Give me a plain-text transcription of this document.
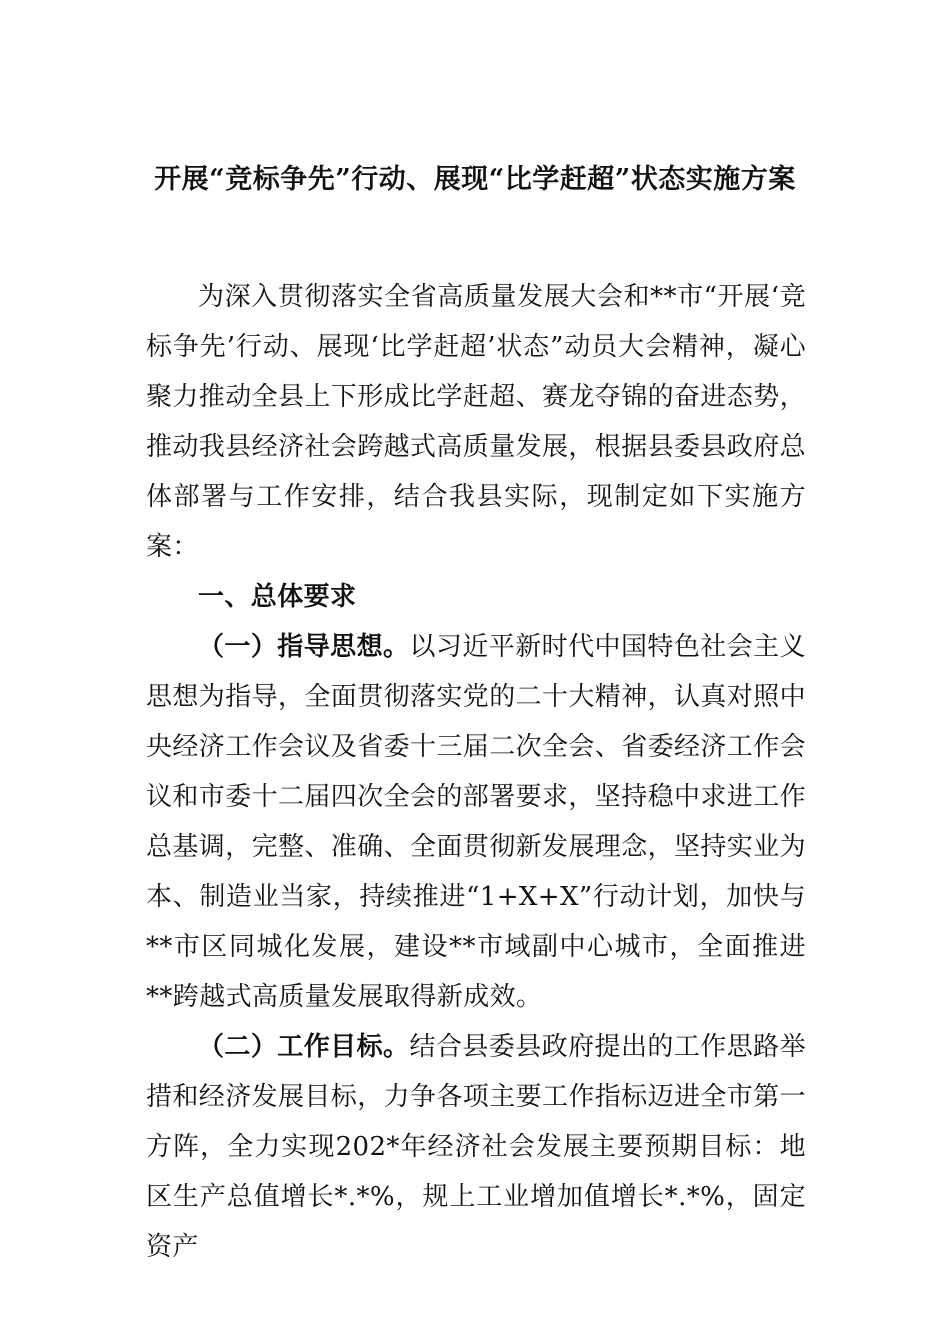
开展“竞标争先”行动、展现“比学赶超”状态实施方案

为深入贯彻落实全省高质量发展大会和**市“开展‘竞标争先’行动、展现‘比学赶超’状态”动员大会精神，凝心聚力推动全县上下形成比学赶超、赛龙夺锦的奋进态势，推动我县经济社会跨越式高质量发展，根据县委县政府总体部署与工作安排，结合我县实际，现制定如下实施方案：

一、总体要求

（一）指导思想。以习近平新时代中国特色社会主义思想为指导，全面贯彻落实党的二十大精神，认真对照中央经济工作会议及省委十三届二次全会、省委经济工作会议和市委十二届四次全会的部署要求，坚持稳中求进工作总基调，完整、准确、全面贯彻新发展理念，坚持实业为本、制造业当家，持续推进“1+X+X”行动计划，加快与**市区同城化发展，建设**市域副中心城市，全面推进**跨越式高质量发展取得新成效。

（二）工作目标。结合县委县政府提出的工作思路举措和经济发展目标，力争各项主要工作指标迈进全市第一方阵，全力实现202*年经济社会发展主要预期目标：地区生产总值增长*.*%，规上工业增加值增长*.*%，固定资产
